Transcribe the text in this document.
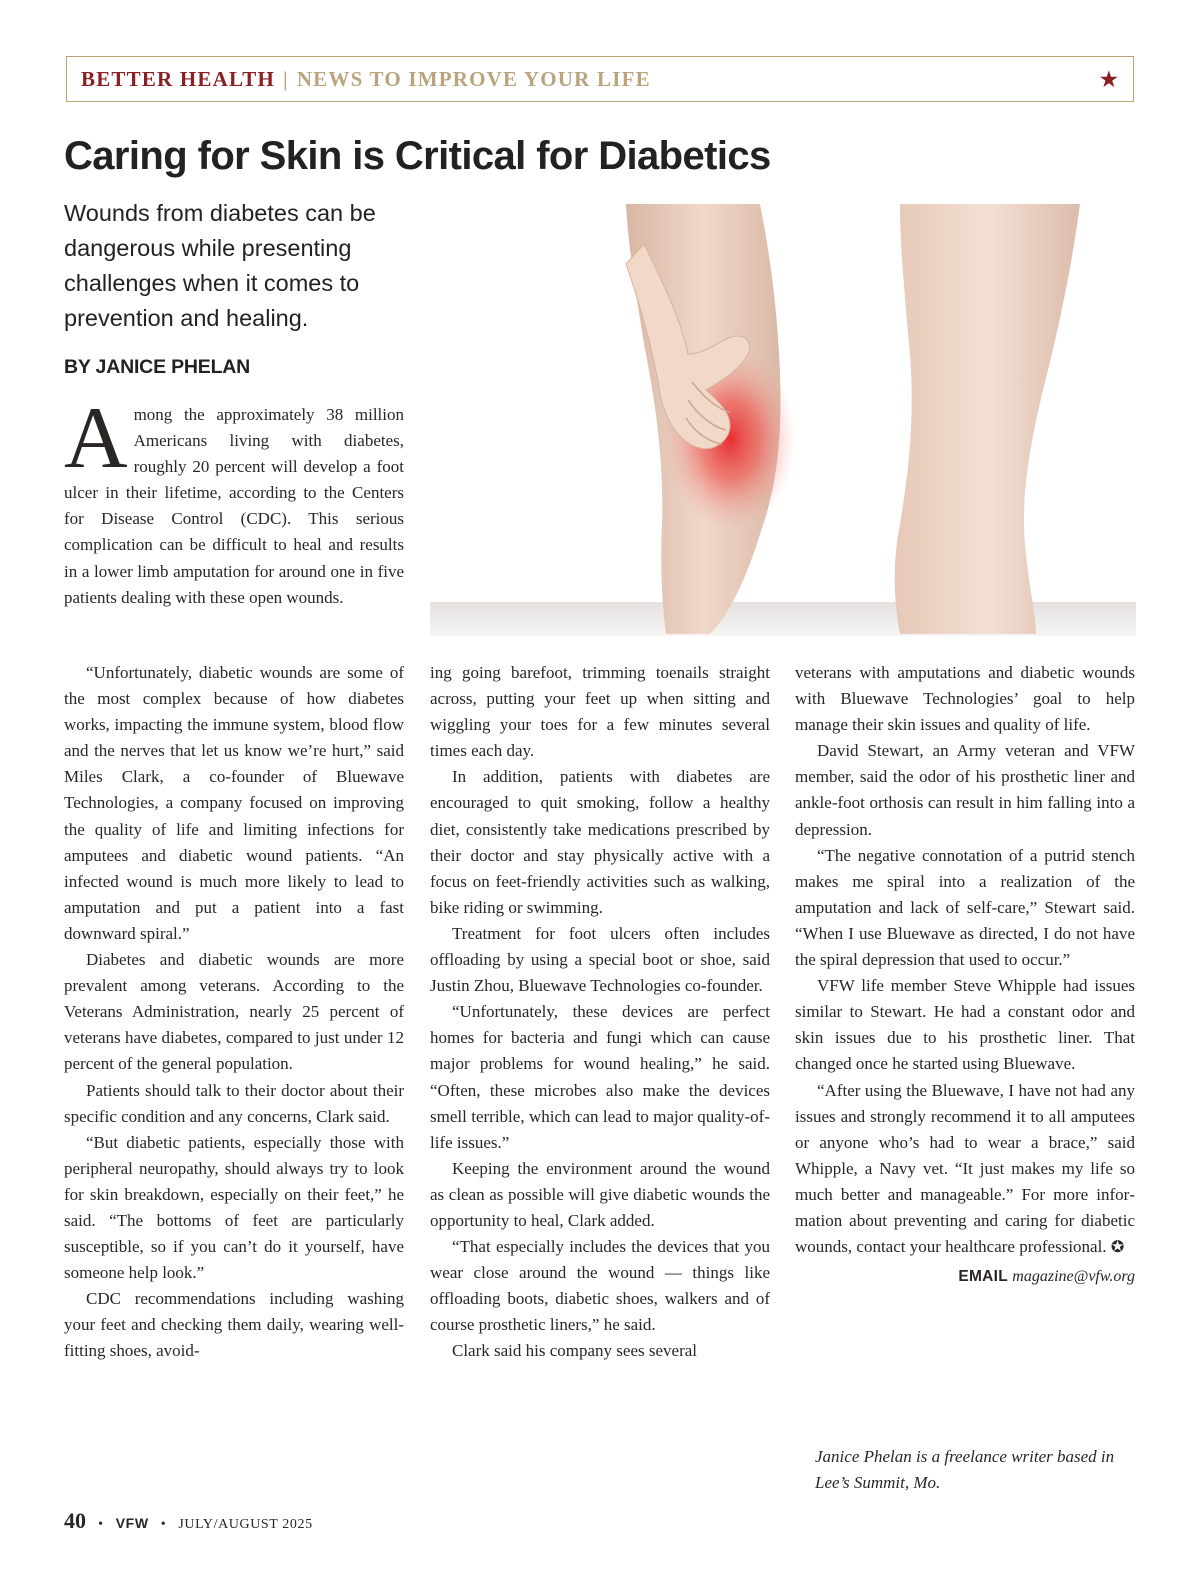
BETTER HEALTH | NEWS TO IMPROVE YOUR LIFE	★
Caring for Skin is Critical for Diabetics

Wounds from diabetes can be dangerous while presenting challenges when it comes to prevention and healing.

BY JANICE PHELAN

Among the approximately 38 million Americans living with diabetes, roughly 20 percent will develop a foot ulcer in their lifetime, according to the Centers for Disease Control (CDC). This serious complication can be difficult to heal and results in a lower limb amputation for around one in five patients dealing with these open wounds.

“Unfortunately, diabetic wounds are some of the most complex because of how diabetes works, impacting the immune system, blood flow and the nerves that let us know we’re hurt,” said Miles Clark, a co-founder of Bluewave Technologies, a company focused on improving the quality of life and limiting infections for amputees and diabetic wound patients. “An infected wound is much more likely to lead to amputation and put a patient into a fast downward spiral.”

Diabetes and diabetic wounds are more prevalent among veterans. According to the Veterans Administration, nearly 25 percent of veterans have diabetes, compared to just under 12 percent of the general population.

Patients should talk to their doctor about their specific condition and any concerns, Clark said.

“But diabetic patients, especially those with peripheral neuropathy, should always try to look for skin breakdown, especially on their feet,” he said. “The bottoms of feet are particularly susceptible, so if you can’t do it yourself, have someone help look.”

CDC recommendations including washing your feet and checking them daily, wearing well-fitting shoes, avoid-

ing going barefoot, trimming toenails straight across, putting your feet up when sitting and wiggling your toes for a few minutes several times each day.

In addition, patients with diabetes are encouraged to quit smoking, follow a healthy diet, consistently take medications prescribed by their doctor and stay physically active with a focus on feet-friendly activities such as walking, bike riding or swimming.

Treatment for foot ulcers often includes offloading by using a special boot or shoe, said Justin Zhou, Bluewave Technologies co-founder.

“Unfortunately, these devices are perfect homes for bacteria and fungi which can cause major problems for wound healing,” he said. “Often, these microbes also make the devices smell terrible, which can lead to major quality-of-life issues.”

Keeping the environment around the wound as clean as possible will give diabetic wounds the opportunity to heal, Clark added.

“That especially includes the devices that you wear close around the wound — things like offloading boots, diabetic shoes, walkers and of course prosthetic liners,” he said.

Clark said his company sees several

veterans with amputations and diabetic wounds with Bluewave Technologies’ goal to help manage their skin issues and quality of life.

David Stewart, an Army veteran and VFW member, said the odor of his prosthetic liner and ankle-foot orthosis can result in him falling into a depression.

“The negative connotation of a putrid stench makes me spiral into a realization of the amputation and lack of self-care,” Stewart said. “When I use Bluewave as directed, I do not have the spiral depression that used to occur.”

VFW life member Steve Whipple had issues similar to Stewart. He had a constant odor and skin issues due to his prosthetic liner. That changed once he started using Bluewave.

“After using the Bluewave, I have not had any issues and strongly recommend it to all amputees or anyone who’s had to wear a brace,” said Whipple, a Navy vet. “It just makes my life so much better and manageable.” For more information about preventing and caring for diabetic wounds, contact your healthcare professional. ✪

EMAIL magazine@vfw.org
Janice Phelan is a freelance writer based in Lee’s Summit, Mo.
40 • VFW • JULY/AUGUST 2025
